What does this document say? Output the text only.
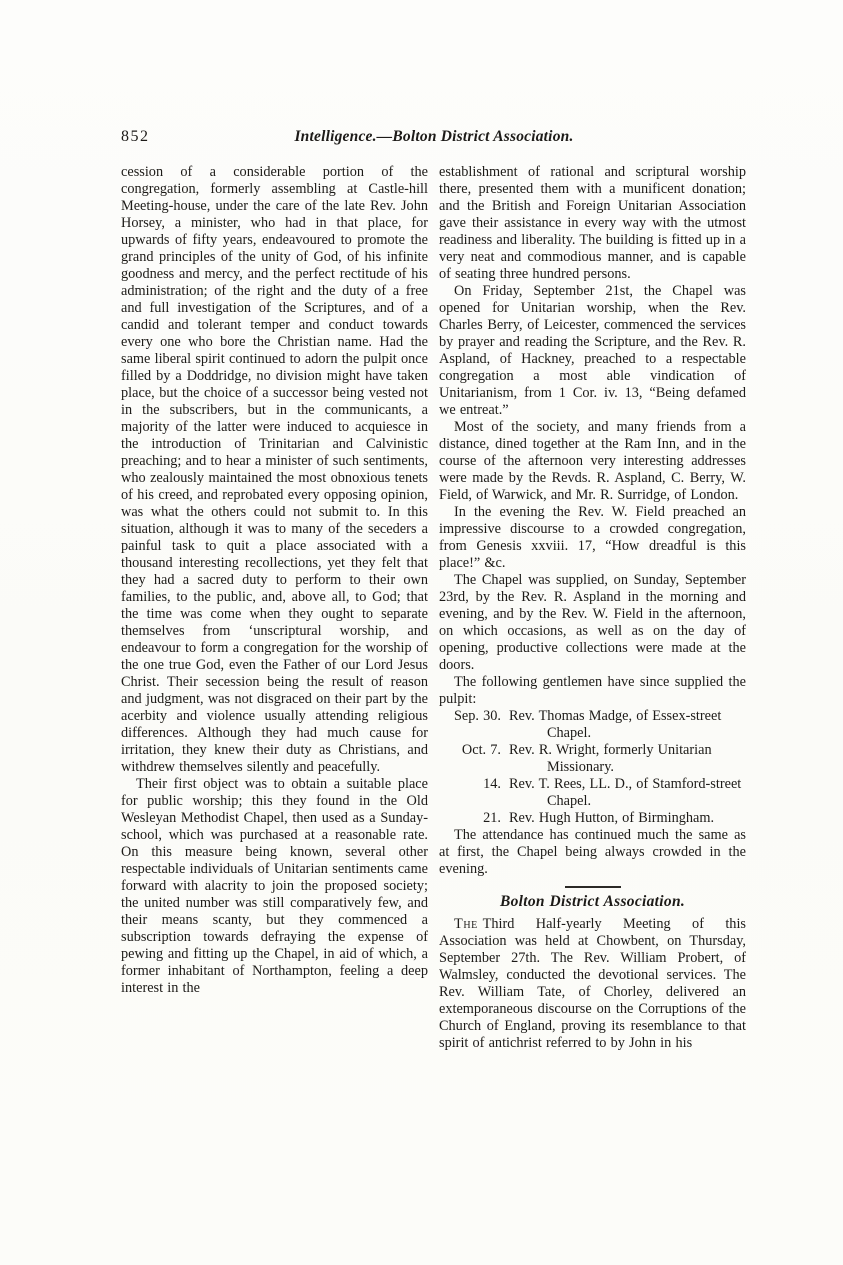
852	Intelligence.—Bolton District Association.

cession of a considerable portion of the congregation, formerly assembling at Castle-hill Meeting-house, under the care of the late Rev. John Horsey, a minister, who had in that place, for upwards of fifty years, endeavoured to promote the grand principles of the unity of God, of his infinite goodness and mercy, and the perfect rectitude of his administration; of the right and the duty of a free and full investigation of the Scriptures, and of a candid and tolerant temper and conduct towards every one who bore the Christian name. Had the same liberal spirit continued to adorn the pulpit once filled by a Doddridge, no division might have taken place, but the choice of a successor being vested not in the subscribers, but in the communicants, a majority of the latter were induced to acquiesce in the introduction of Trinitarian and Calvinistic preaching; and to hear a minister of such sentiments, who zealously maintained the most obnoxious tenets of his creed, and reprobated every opposing opinion, was what the others could not submit to. In this situation, although it was to many of the seceders a painful task to quit a place associated with a thousand interesting recollections, yet they felt that they had a sacred duty to perform to their own families, to the public, and, above all, to God; that the time was come when they ought to separate themselves from ‘unscriptural worship, and endeavour to form a congregation for the worship of the one true God, even the Father of our Lord Jesus Christ. Their secession being the result of reason and judgment, was not disgraced on their part by the acerbity and violence usually attending religious differences. Although they had much cause for irritation, they knew their duty as Christians, and withdrew themselves silently and peacefully.

Their first object was to obtain a suitable place for public worship; this they found in the Old Wesleyan Methodist Chapel, then used as a Sunday-school, which was purchased at a reasonable rate. On this measure being known, several other respectable individuals of Unitarian sentiments came forward with alacrity to join the proposed society; the united number was still comparatively few, and their means scanty, but they commenced a subscription towards defraying the expense of pewing and fitting up the Chapel, in aid of which, a former inhabitant of Northampton, feeling a deep interest in the

establishment of rational and scriptural worship there, presented them with a munificent donation; and the British and Foreign Unitarian Association gave their assistance in every way with the utmost readiness and liberality. The building is fitted up in a very neat and commodious manner, and is capable of seating three hundred persons.

On Friday, September 21st, the Chapel was opened for Unitarian worship, when the Rev. Charles Berry, of Leicester, commenced the services by prayer and reading the Scripture, and the Rev. R. Aspland, of Hackney, preached to a respectable congregation a most able vindication of Unitarianism, from 1 Cor. iv. 13, “Being defamed we entreat.”

Most of the society, and many friends from a distance, dined together at the Ram Inn, and in the course of the afternoon very interesting addresses were made by the Revds. R. Aspland, C. Berry, W. Field, of Warwick, and Mr. R. Surridge, of London.

In the evening the Rev. W. Field preached an impressive discourse to a crowded congregation, from Genesis xxviii. 17, “How dreadful is this place!” &c.

The Chapel was supplied, on Sunday, September 23rd, by the Rev. R. Aspland in the morning and evening, and by the Rev. W. Field in the afternoon, on which occasions, as well as on the day of opening, productive collections were made at the doors.

The following gentlemen have since supplied the pulpit:

Sep. 30. Rev. Thomas Madge, of Essex-street Chapel.
Oct. 7. Rev. R. Wright, formerly Unitarian Missionary.
14. Rev. T. Rees, LL. D., of Stamford-street Chapel.
21. Rev. Hugh Hutton, of Birmingham.

The attendance has continued much the same as at first, the Chapel being always crowded in the evening.

Bolton District Association.

The Third Half-yearly Meeting of this Association was held at Chowbent, on Thursday, September 27th. The Rev. William Probert, of Walmsley, conducted the devotional services. The Rev. William Tate, of Chorley, delivered an extemporaneous discourse on the Corruptions of the Church of England, proving its resemblance to that spirit of antichrist referred to by John in his
